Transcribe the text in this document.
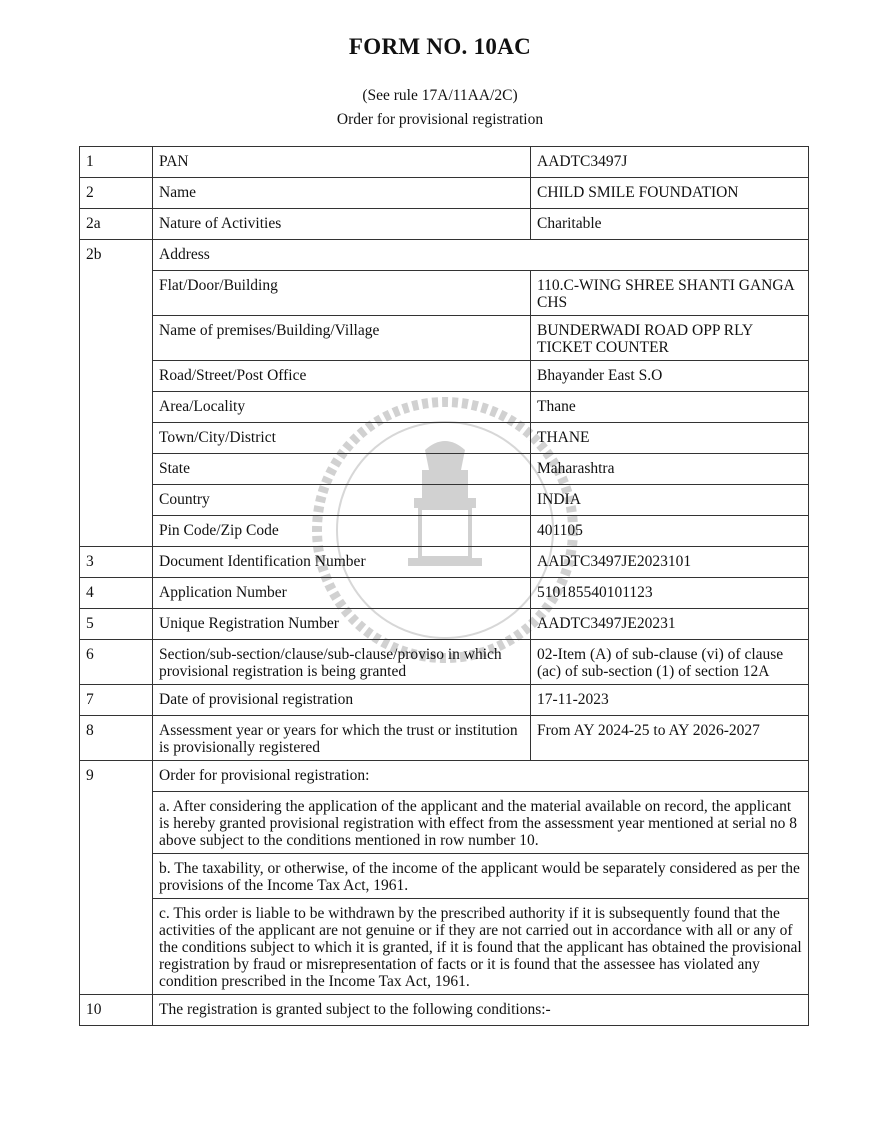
FORM NO. 10AC
(See rule 17A/11AA/2C)
Order for provisional registration
1	PAN	AADTC3497J
2	Name	CHILD SMILE FOUNDATION
2a	Nature of Activities	Charitable
2b	Address	
	Flat/Door/Building	110.C-WING SHREE SHANTI GANGA CHS
	Name of premises/Building/Village	BUNDERWADI ROAD OPP RLY TICKET COUNTER
	Road/Street/Post Office	Bhayander East S.O
	Area/Locality	Thane
	Town/City/District	THANE
	State	Maharashtra
	Country	INDIA
	Pin Code/Zip Code	401105
3	Document Identification Number	AADTC3497JE2023101
4	Application Number	510185540101123
5	Unique Registration Number	AADTC3497JE20231
6	Section/sub-section/clause/sub-clause/proviso in which provisional registration is being granted	02-Item (A) of sub-clause (vi) of clause (ac) of sub-section (1) of section 12A
7	Date of provisional registration	17-11-2023
8	Assessment year or years for which the trust or institution is provisionally registered	From AY 2024-25 to AY 2026-2027
9	Order for provisional registration:	
	a. After considering the application of the applicant and the material available on record, the applicant is hereby granted provisional registration with effect from the assessment year mentioned at serial no 8 above subject to the conditions mentioned in row number 10.	
	b. The taxability, or otherwise, of the income of the applicant would be separately considered as per the provisions of the Income Tax Act, 1961.	
	c. This order is liable to be withdrawn by the prescribed authority if it is subsequently found that the activities of the applicant are not genuine or if they are not carried out in accordance with all or any of the conditions subject to which it is granted, if it is found that the applicant has obtained the provisional registration by fraud or misrepresentation of facts or it is found that the assessee has violated any condition prescribed in the Income Tax Act, 1961.	
10	The registration is granted subject to the following conditions:-	
